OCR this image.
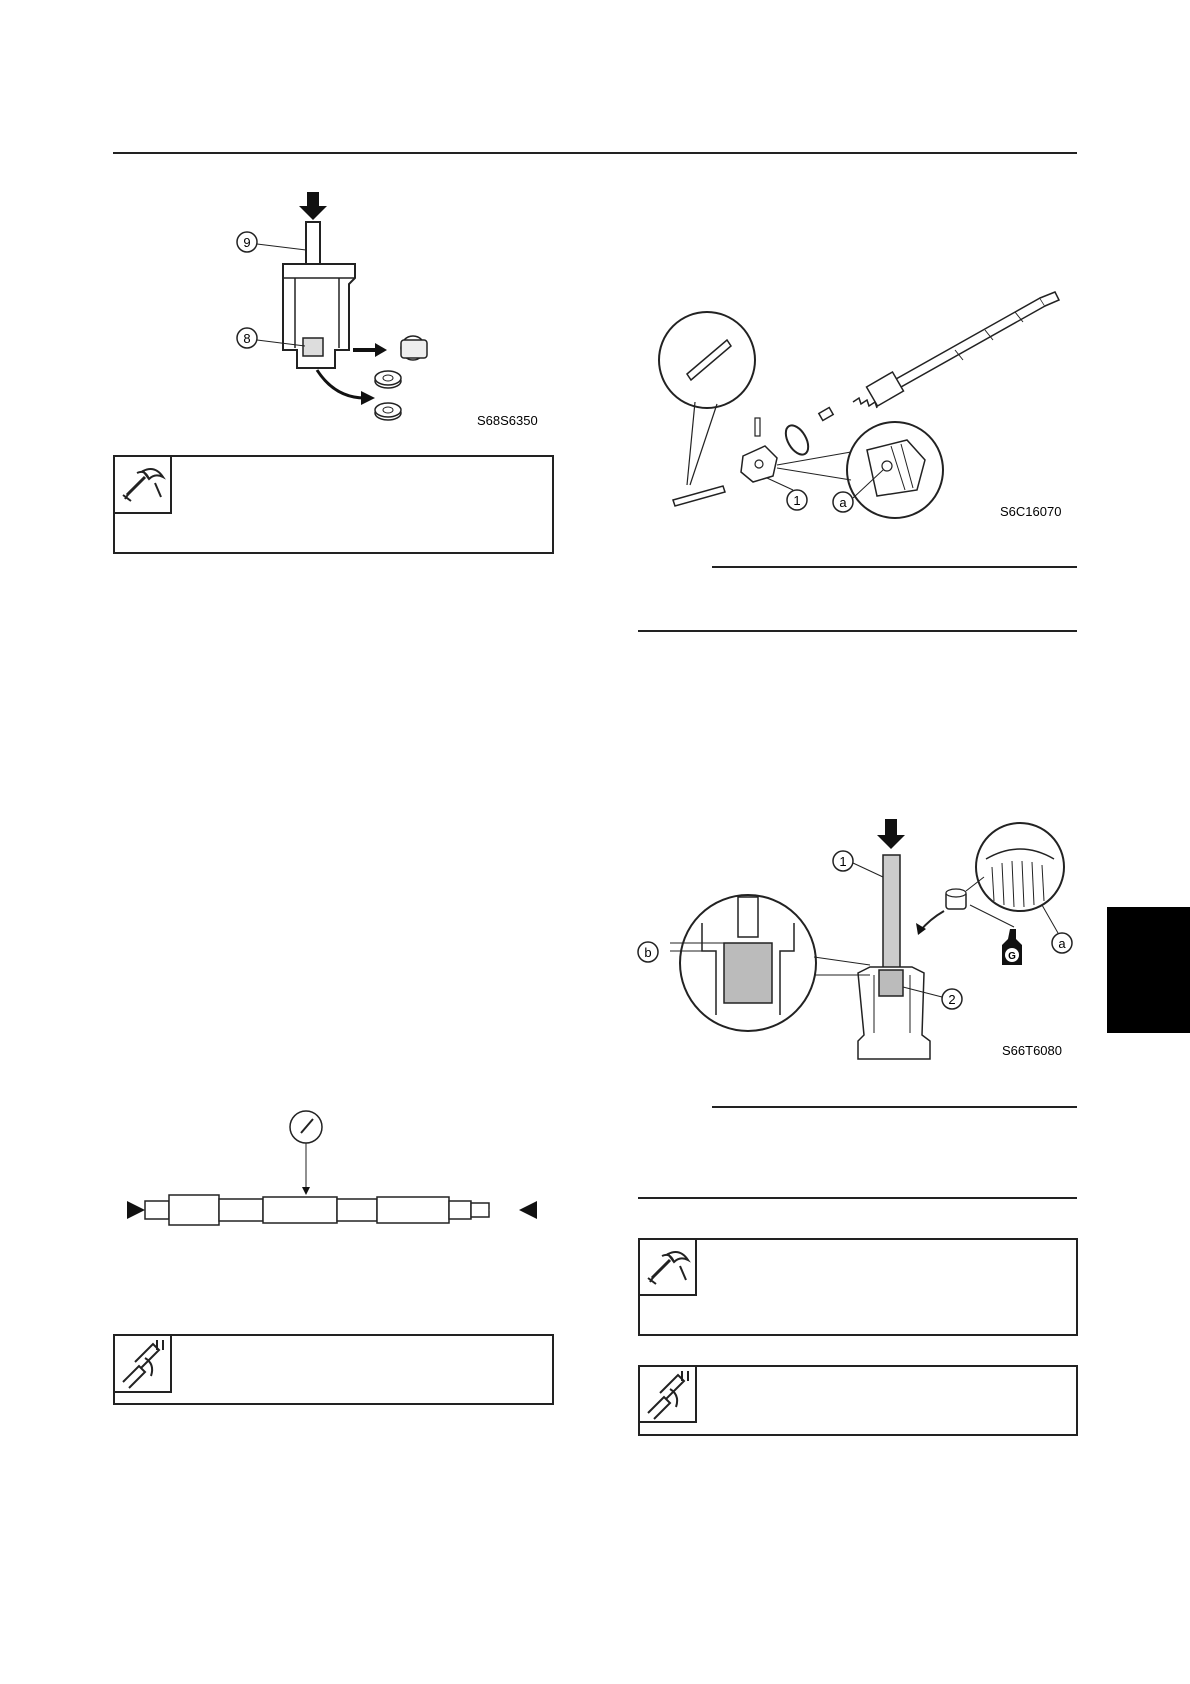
9
8
S68S6350
1	a
S6C16070
1
2
b	G
a
S66T6080
